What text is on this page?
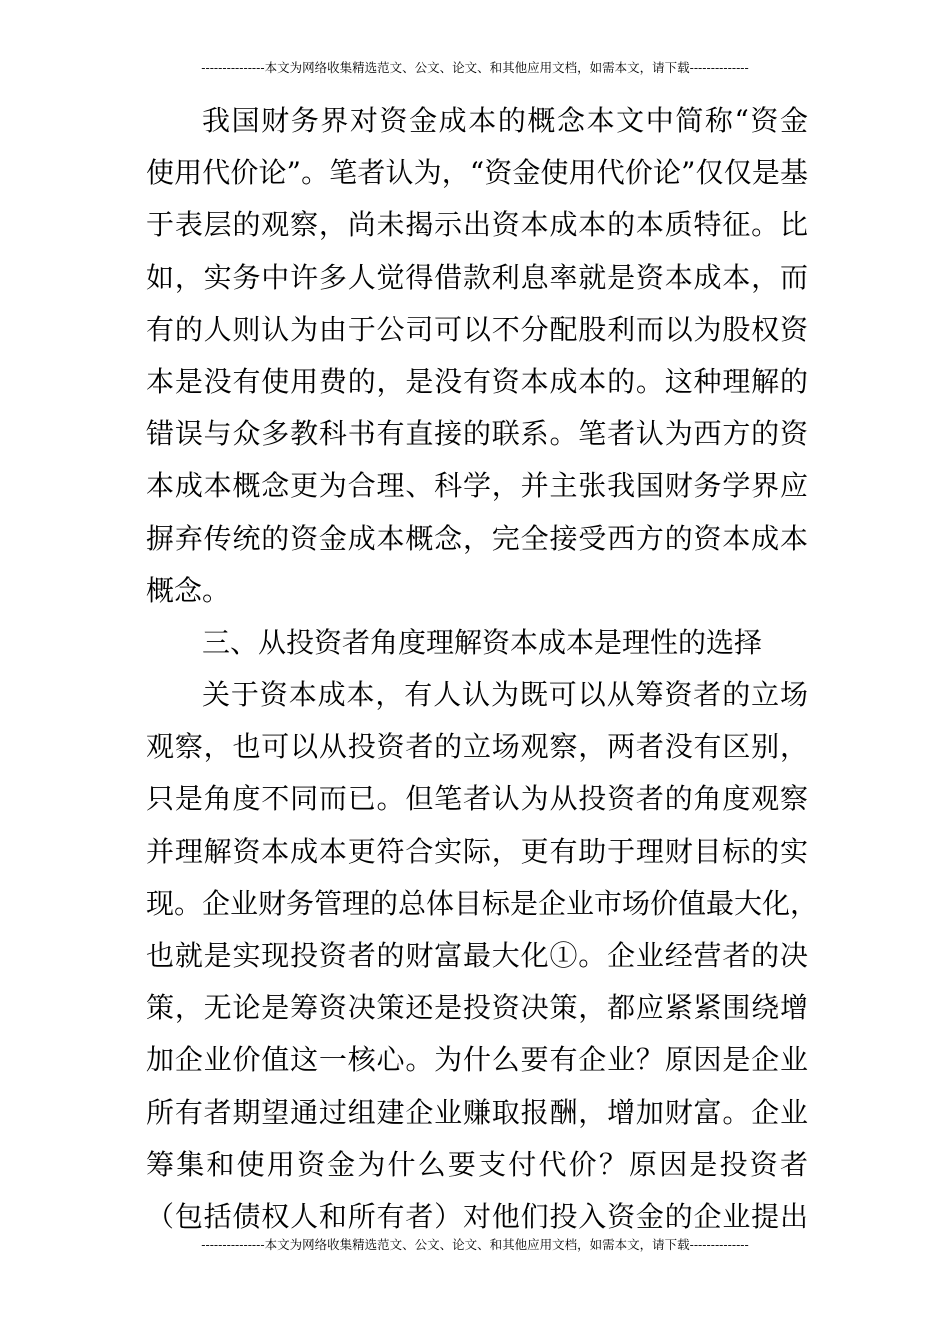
---------------本文为网络收集精选范文、公文、论文、和其他应用文档，如需本文，请下载--------------
我国财务界对资金成本的概念本文中简称“资金
使用代价论”。笔者认为，“资金使用代价论”仅仅是基
于表层的观察，尚未揭示出资本成本的本质特征。比
如，实务中许多人觉得借款利息率就是资本成本，而
有的人则认为由于公司可以不分配股利而以为股权资
本是没有使用费的，是没有资本成本的。这种理解的
错误与众多教科书有直接的联系。笔者认为西方的资
本成本概念更为合理、科学，并主张我国财务学界应
摒弃传统的资金成本概念，完全接受西方的资本成本
概念。
三、从投资者角度理解资本成本是理性的选择
关于资本成本，有人认为既可以从筹资者的立场
观察，也可以从投资者的立场观察，两者没有区别，
只是角度不同而已。但笔者认为从投资者的角度观察
并理解资本成本更符合实际，更有助于理财目标的实
现。企业财务管理的总体目标是企业市场价值最大化，
也就是实现投资者的财富最大化①。企业经营者的决
策，无论是筹资决策还是投资决策，都应紧紧围绕增
加企业价值这一核心。为什么要有企业？原因是企业
所有者期望通过组建企业赚取报酬，增加财富。企业
筹集和使用资金为什么要支付代价？原因是投资者
（包括债权人和所有者）对他们投入资金的企业提出
---------------本文为网络收集精选范文、公文、论文、和其他应用文档，如需本文，请下载--------------
